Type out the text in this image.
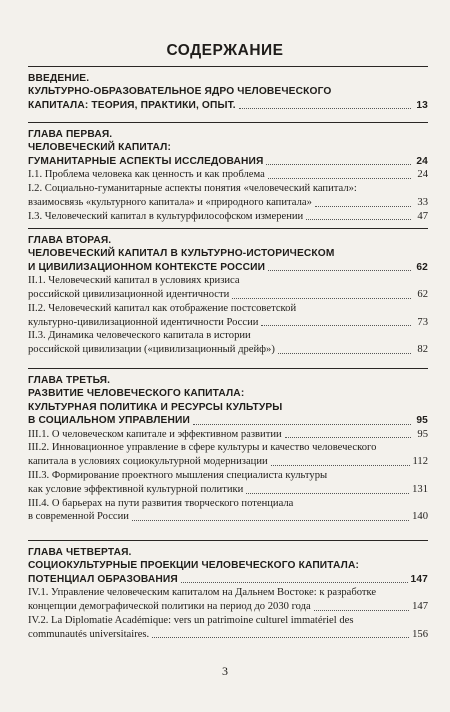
СОДЕРЖАНИЕ
ВВЕДЕНИЕ.
КУЛЬТУРНО-ОБРАЗОВАТЕЛЬНОЕ ЯДРО ЧЕЛОВЕЧЕСКОГО
КАПИТАЛА: ТЕОРИЯ, ПРАКТИКИ, ОПЫТ.	13
ГЛАВА ПЕРВАЯ.
ЧЕЛОВЕЧЕСКИЙ КАПИТАЛ:
ГУМАНИТАРНЫЕ АСПЕКТЫ ИССЛЕДОВАНИЯ	24
I.1. Проблема человека как ценность и как проблема	24
I.2. Социально-гуманитарные аспекты понятия «человеческий капитал»:
взаимосвязь «культурного капитала» и «природного капитала»	33
I.3. Человеческий капитал в культурфилософском измерении	47
ГЛАВА ВТОРАЯ.
ЧЕЛОВЕЧЕСКИЙ КАПИТАЛ В КУЛЬТУРНО-ИСТОРИЧЕСКОМ
И ЦИВИЛИЗАЦИОННОМ КОНТЕКСТЕ РОССИИ	62
II.1. Человеческий капитал в условиях кризиса
российской цивилизационной идентичности	62
II.2. Человеческий капитал как отображение постсоветской
культурно-цивилизационной идентичности России	73
II.3. Динамика человеческого капитала в истории
российской цивилизации («цивилизационный дрейф»)	82
ГЛАВА ТРЕТЬЯ.
РАЗВИТИЕ ЧЕЛОВЕЧЕСКОГО КАПИТАЛА:
КУЛЬТУРНАЯ ПОЛИТИКА И РЕСУРСЫ КУЛЬТУРЫ
В СОЦИАЛЬНОМ УПРАВЛЕНИИ	95
III.1. О человеческом капитале и эффективном развитии	95
III.2. Инновационное управление в сфере культуры и качество человеческого
капитала в условиях социокультурной модернизации	112
III.3. Формирование проектного мышления специалиста культуры
как условие эффективной культурной политики	131
III.4. О барьерах на пути развития творческого потенциала
в современной России	140
ГЛАВА ЧЕТВЕРТАЯ.
СОЦИОКУЛЬТУРНЫЕ ПРОЕКЦИИ ЧЕЛОВЕЧЕСКОГО КАПИТАЛА:
ПОТЕНЦИАЛ ОБРАЗОВАНИЯ	147
IV.1. Управление человеческим капиталом на Дальнем Востоке: к разработке
концепции демографической политики на период до 2030 года	147
IV.2. La Diplomatie Académique: vers un patrimoine culturel immatériel des
communautés universitaires.	156
3
